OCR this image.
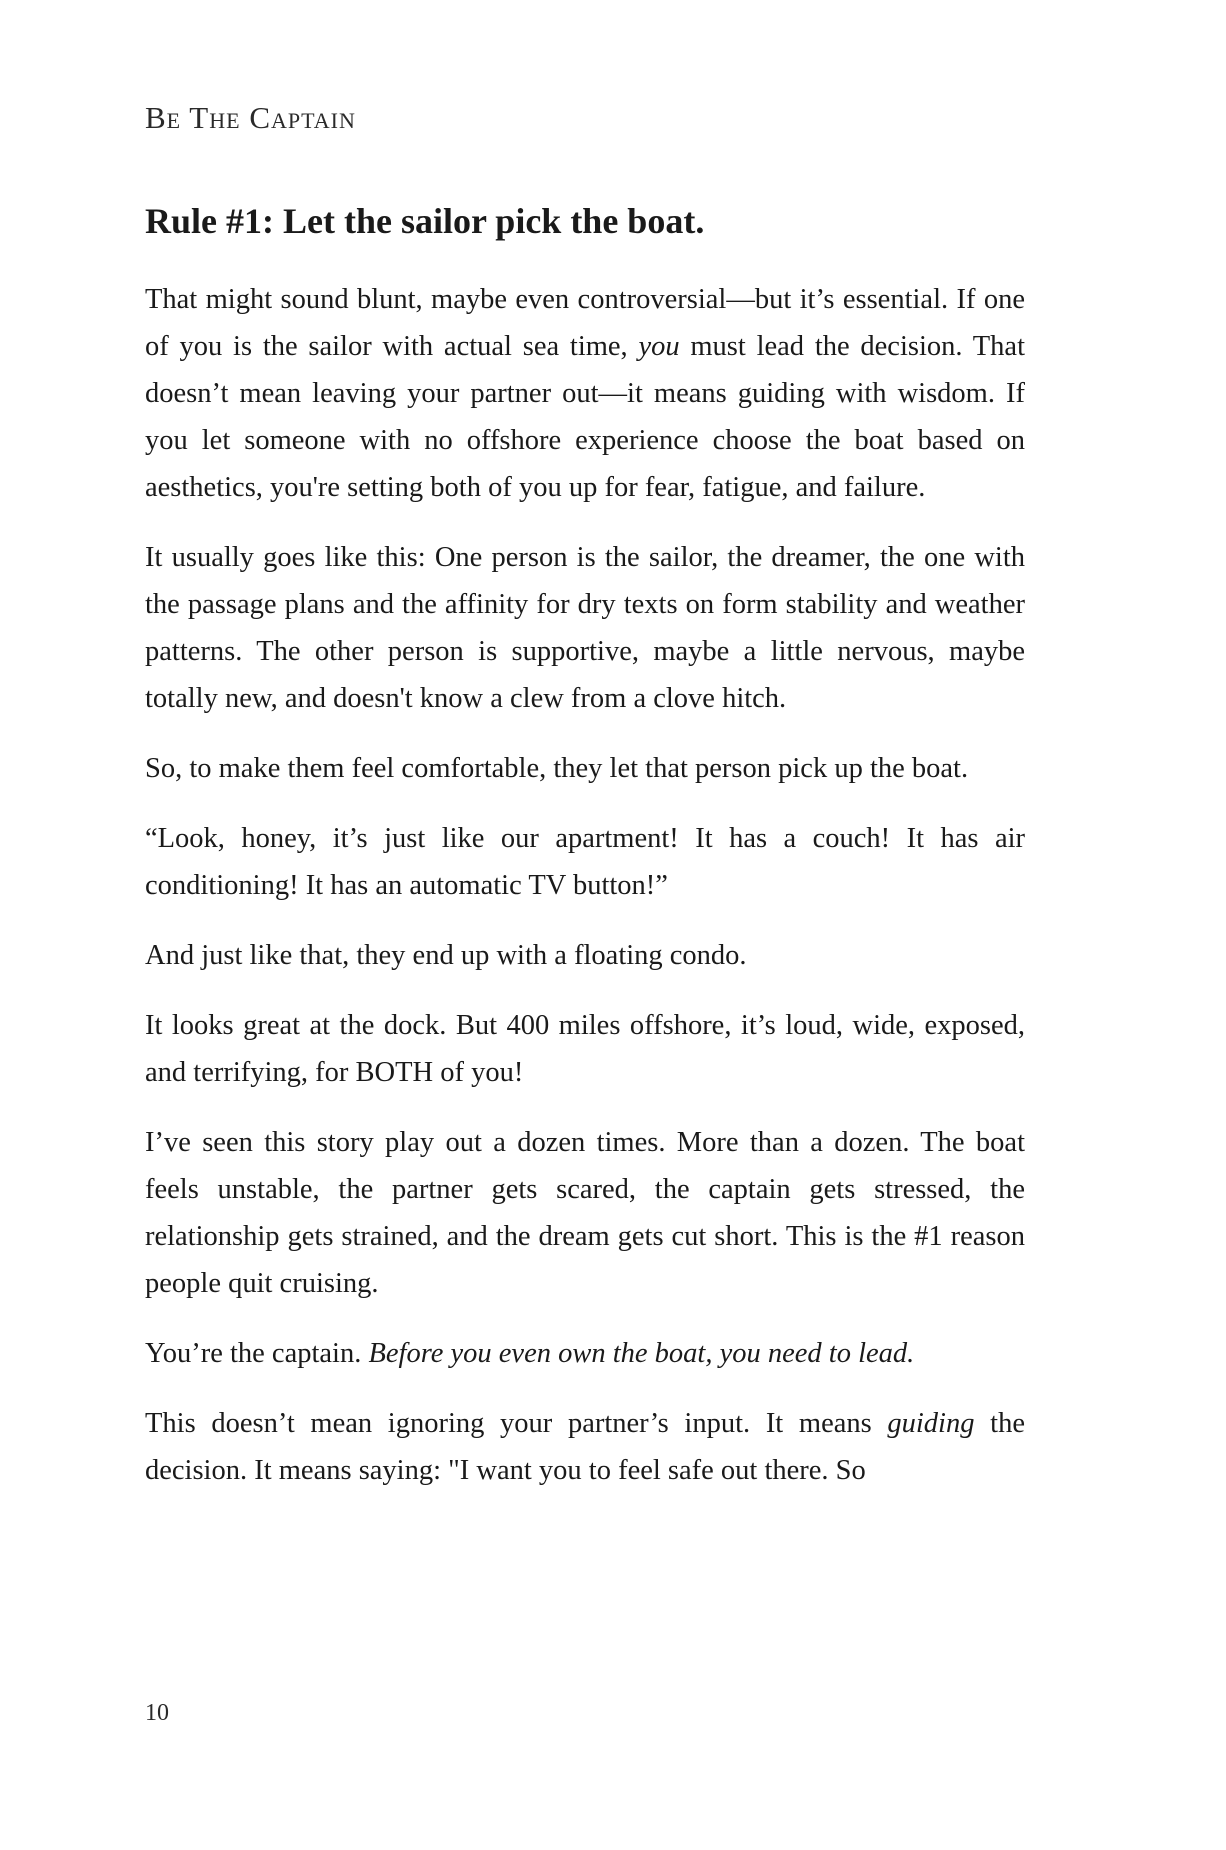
Be The Captain
Rule #1: Let the sailor pick the boat.

That might sound blunt, maybe even controversial—but it’s essential. If one of you is the sailor with actual sea time, you must lead the decision. That doesn’t mean leaving your partner out—it means guiding with wisdom. If you let someone with no offshore experience choose the boat based on aesthetics, you're setting both of you up for fear, fatigue, and failure.

It usually goes like this: One person is the sailor, the dreamer, the one with the passage plans and the affinity for dry texts on form stability and weather patterns. The other person is supportive, maybe a little nervous, maybe totally new, and doesn't know a clew from a clove hitch.

So, to make them feel comfortable, they let that person pick up the boat.

“Look, honey, it’s just like our apartment! It has a couch! It has air conditioning! It has an automatic TV button!”

And just like that, they end up with a floating condo.

It looks great at the dock. But 400 miles offshore, it’s loud, wide, exposed, and terrifying, for BOTH of you!

I’ve seen this story play out a dozen times. More than a dozen. The boat feels unstable, the partner gets scared, the captain gets stressed, the relationship gets strained, and the dream gets cut short. This is the #1 reason people quit cruising.

You’re the captain. Before you even own the boat, you need to lead.

This doesn’t mean ignoring your partner’s input. It means guiding the decision. It means saying: "I want you to feel safe out there. So

10
